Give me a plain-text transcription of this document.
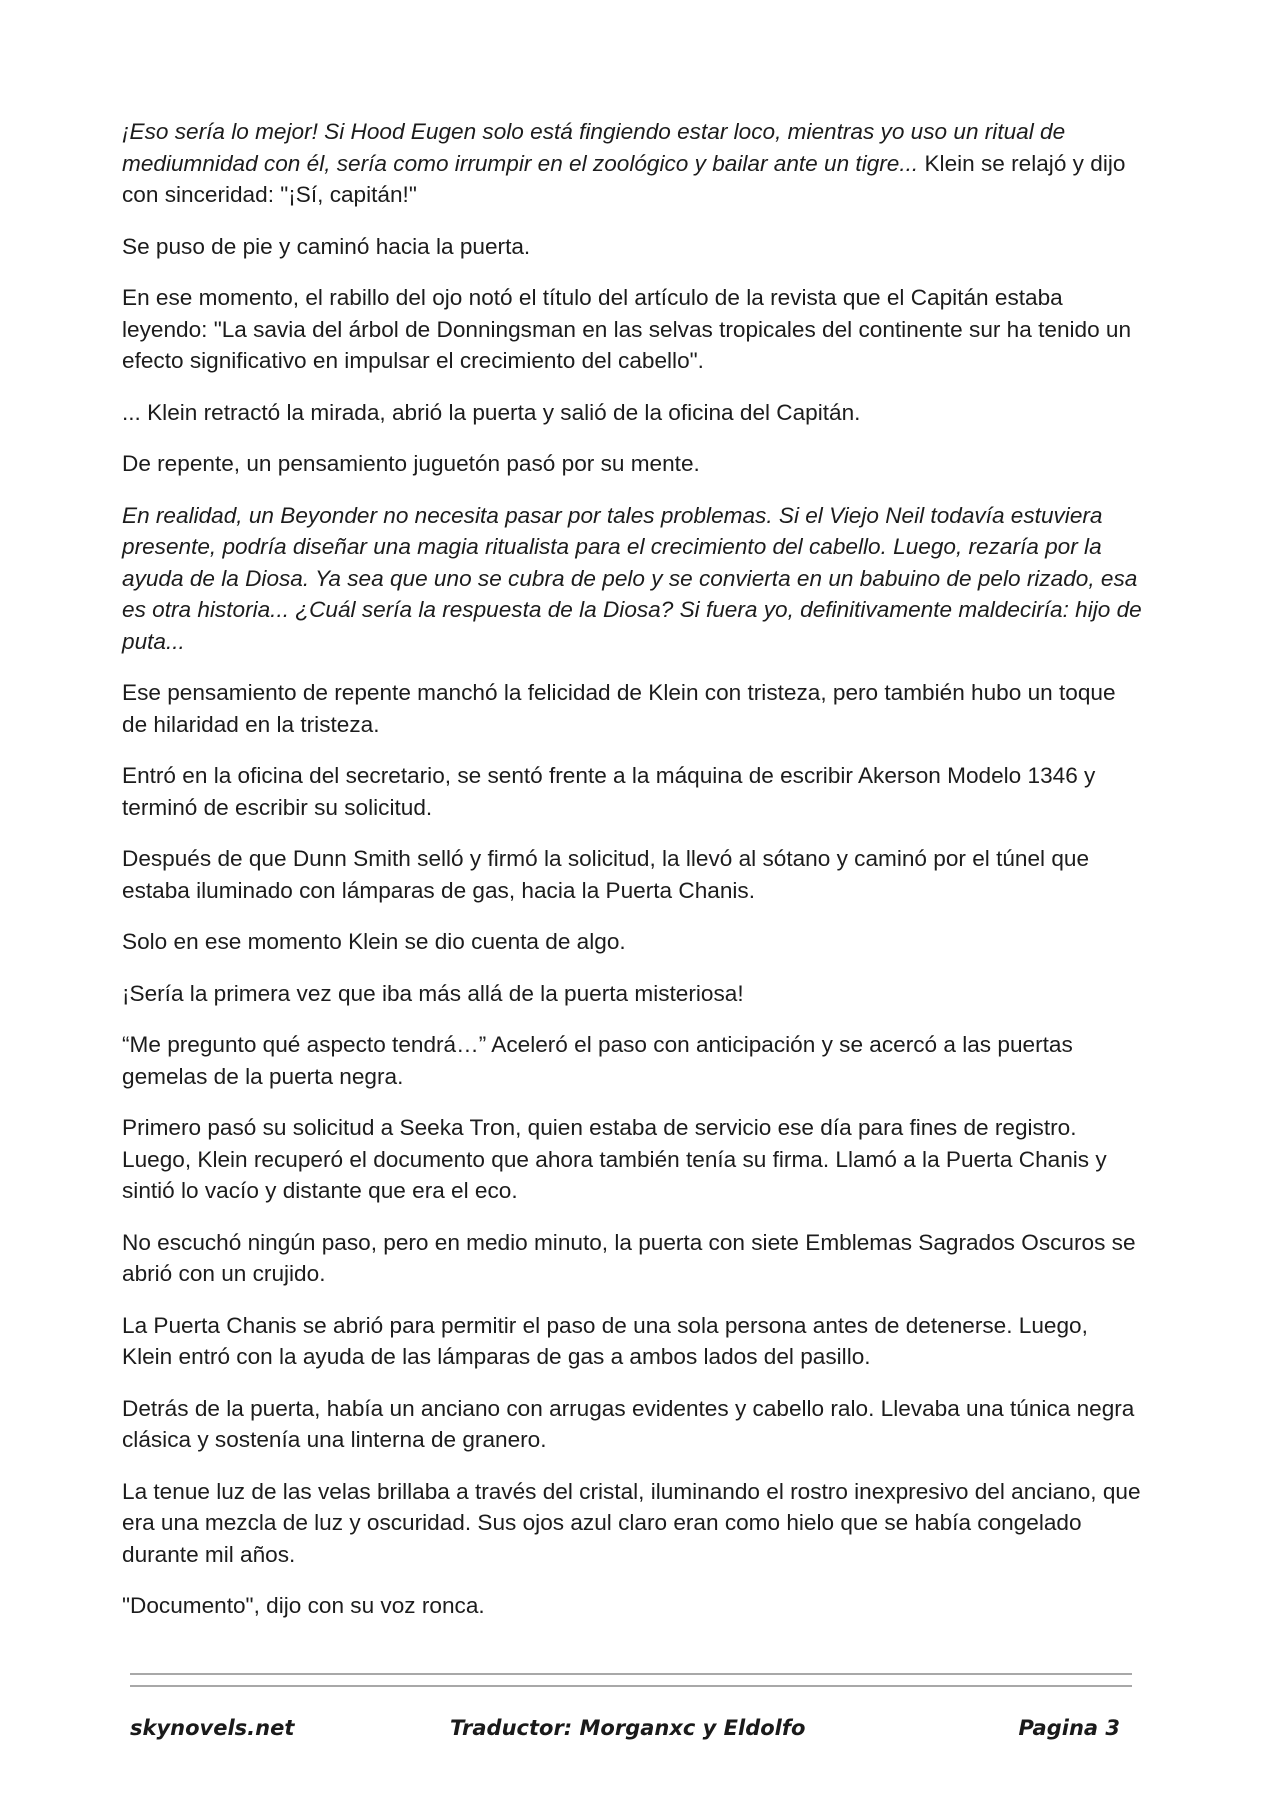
¡Eso sería lo mejor! Si Hood Eugen solo está fingiendo estar loco, mientras yo uso un ritual de mediumnidad con él, sería como irrumpir en el zoológico y bailar ante un tigre... Klein se relajó y dijo con sinceridad: "¡Sí, capitán!"

Se puso de pie y caminó hacia la puerta.

En ese momento, el rabillo del ojo notó el título del artículo de la revista que el Capitán estaba leyendo: "La savia del árbol de Donningsman en las selvas tropicales del continente sur ha tenido un efecto significativo en impulsar el crecimiento del cabello".

... Klein retractó la mirada, abrió la puerta y salió de la oficina del Capitán.

De repente, un pensamiento juguetón pasó por su mente.

En realidad, un Beyonder no necesita pasar por tales problemas. Si el Viejo Neil todavía estuviera presente, podría diseñar una magia ritualista para el crecimiento del cabello. Luego, rezaría por la ayuda de la Diosa. Ya sea que uno se cubra de pelo y se convierta en un babuino de pelo rizado, esa es otra historia... ¿Cuál sería la respuesta de la Diosa? Si fuera yo, definitivamente maldeciría: hijo de puta...

Ese pensamiento de repente manchó la felicidad de Klein con tristeza, pero también hubo un toque de hilaridad en la tristeza.

Entró en la oficina del secretario, se sentó frente a la máquina de escribir Akerson Modelo 1346 y terminó de escribir su solicitud.

Después de que Dunn Smith selló y firmó la solicitud, la llevó al sótano y caminó por el túnel que estaba iluminado con lámparas de gas, hacia la Puerta Chanis.

Solo en ese momento Klein se dio cuenta de algo.

¡Sería la primera vez que iba más allá de la puerta misteriosa!

“Me pregunto qué aspecto tendrá…” Aceleró el paso con anticipación y se acercó a las puertas gemelas de la puerta negra.

Primero pasó su solicitud a Seeka Tron, quien estaba de servicio ese día para fines de registro. Luego, Klein recuperó el documento que ahora también tenía su firma. Llamó a la Puerta Chanis y sintió lo vacío y distante que era el eco.

No escuchó ningún paso, pero en medio minuto, la puerta con siete Emblemas Sagrados Oscuros se abrió con un crujido.

La Puerta Chanis se abrió para permitir el paso de una sola persona antes de detenerse. Luego, Klein entró con la ayuda de las lámparas de gas a ambos lados del pasillo.

Detrás de la puerta, había un anciano con arrugas evidentes y cabello ralo. Llevaba una túnica negra clásica y sostenía una linterna de granero.

La tenue luz de las velas brillaba a través del cristal, iluminando el rostro inexpresivo del anciano, que era una mezcla de luz y oscuridad. Sus ojos azul claro eran como hielo que se había congelado durante mil años.

"Documento", dijo con su voz ronca.

skynovels.net	Traductor: Morganxc y Eldolfo	Pagina 3
